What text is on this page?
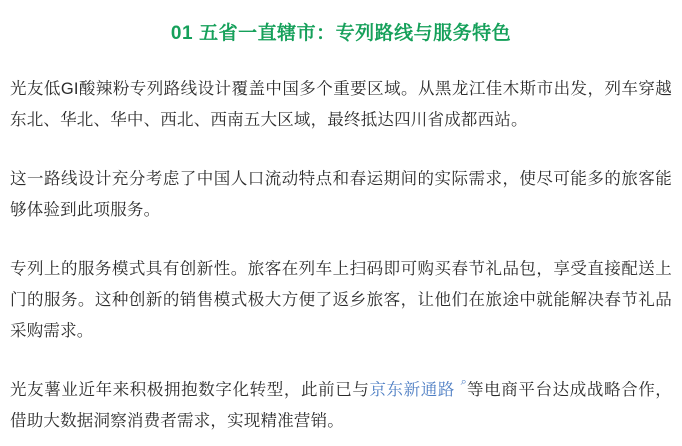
01 五省一直辖市：专列路线与服务特色

光友低GI酸辣粉专列路线设计覆盖中国多个重要区域。从黑龙江佳木斯市出发，列车穿越东北、华北、华中、西北、西南五大区域，最终抵达四川省成都西站。

这一路线设计充分考虑了中国人口流动特点和春运期间的实际需求，使尽可能多的旅客能够体验到此项服务。

专列上的服务模式具有创新性。旅客在列车上扫码即可购买春节礼品包，享受直接配送上门的服务。这种创新的销售模式极大方便了返乡旅客，让他们在旅途中就能解决春节礼品采购需求。

光友薯业近年来积极拥抱数字化转型，此前已与京东新通路 ⌕ 等电商平台达成战略合作，借助大数据洞察消费者需求，实现精准营销。
